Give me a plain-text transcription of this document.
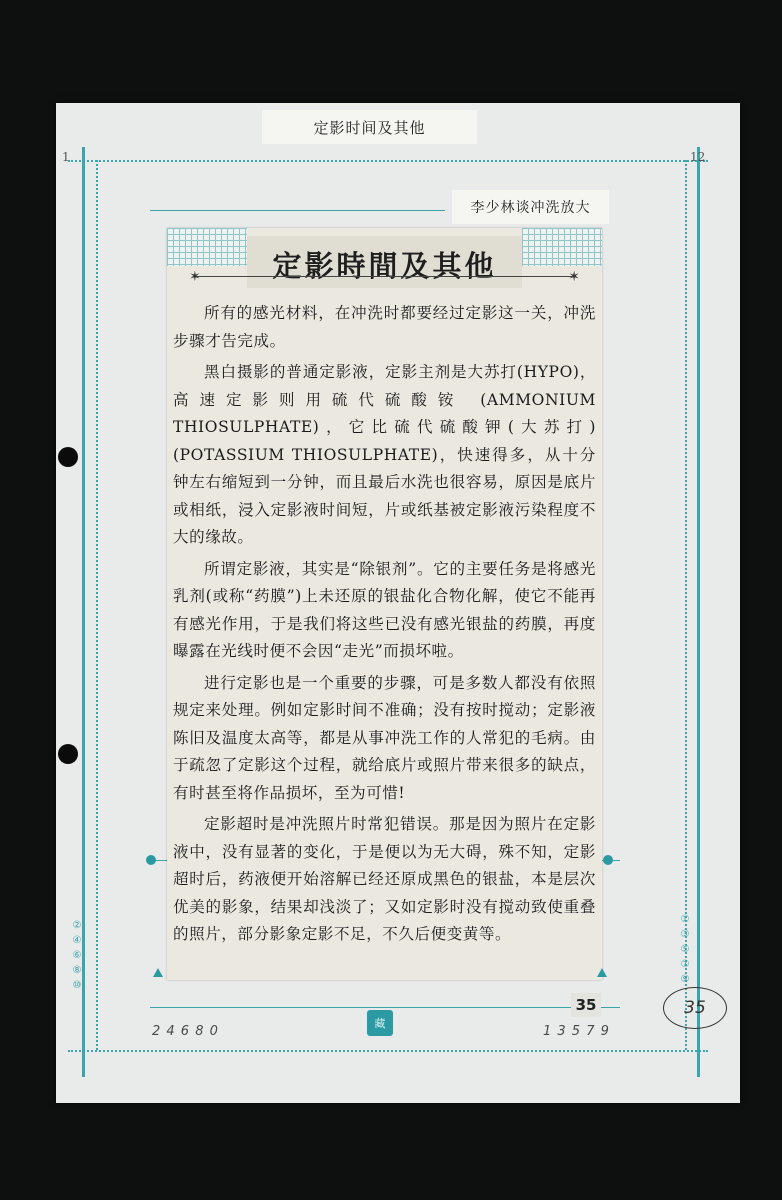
1	12
定影时间及其他
李少林谈冲洗放大
定影時間及其他
✶	✶

所有的感光材料，在冲洗时都要经过定影这一关，冲洗步骤才告完成。

黑白摄影的普通定影液，定影主剂是大苏打(HYPO)，高速定影则用硫代硫酸铵 (AMMONIUM THIOSULPHATE)，它比硫代硫酸钾(大苏打)(POTASSIUM THIOSULPHATE)，快速得多，从十分钟左右缩短到一分钟，而且最后水洗也很容易，原因是底片或相纸，浸入定影液时间短，片或纸基被定影液污染程度不大的缘故。

所谓定影液，其实是“除银剂”。它的主要任务是将感光乳剂(或称“药膜”)上未还原的银盐化合物化解，使它不能再有感光作用，于是我们将这些已没有感光银盐的药膜，再度曝露在光线时便不会因“走光”而损坏啦。

进行定影也是一个重要的步骤，可是多数人都没有依照规定来处理。例如定影时间不准确；没有按时搅动；定影液陈旧及温度太高等，都是从事冲洗工作的人常犯的毛病。由于疏忽了定影这个过程，就给底片或照片带来很多的缺点，有时甚至将作品损坏，至为可惜!

定影超时是冲洗照片时常犯错误。那是因为照片在定影液中，没有显著的变化，于是便以为无大碍，殊不知，定影超时后，药液便开始溶解已经还原成黑色的银盐，本是层次优美的影象，结果却浅淡了；又如定影时没有搅动致使重叠的照片，部分影象定影不足，不久后便变黄等。

②
④
⑥
⑧
⑩
①
③
⑤
⑦
⑨
35	35
2 4 6 8 0	1 3 5 7 9
藏
